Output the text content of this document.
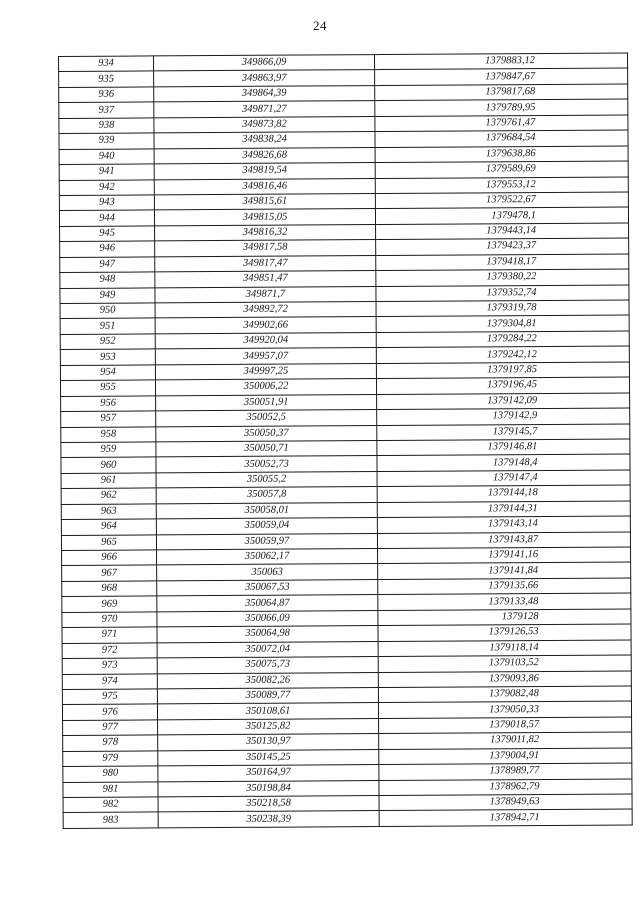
24
934	349866,09	1379883,12
935	349863,97	1379847,67
936	349864,39	1379817,68
937	349871,27	1379789,95
938	349873,82	1379761,47
939	349838,24	1379684,54
940	349826,68	1379638,86
941	349819,54	1379589,69
942	349816,46	1379553,12
943	349815,61	1379522,67
944	349815,05	1379478,1
945	349816,32	1379443,14
946	349817,58	1379423,37
947	349817,47	1379418,17
948	349851,47	1379380,22
949	349871,7	1379352,74
950	349892,72	1379319,78
951	349902,66	1379304,81
952	349920,04	1379284,22
953	349957,07	1379242,12
954	349997,25	1379197,85
955	350006,22	1379196,45
956	350051,91	1379142,09
957	350052,5	1379142,9
958	350050,37	1379145,7
959	350050,71	1379146,81
960	350052,73	1379148,4
961	350055,2	1379147,4
962	350057,8	1379144,18
963	350058,01	1379144,31
964	350059,04	1379143,14
965	350059,97	1379143,87
966	350062,17	1379141,16
967	350063	1379141,84
968	350067,53	1379135,66
969	350064,87	1379133,48
970	350066,09	1379128
971	350064,98	1379126,53
972	350072,04	1379118,14
973	350075,73	1379103,52
974	350082,26	1379093,86
975	350089,77	1379082,48
976	350108,61	1379050,33
977	350125,82	1379018,57
978	350130,97	1379011,82
979	350145,25	1379004,91
980	350164,97	1378989,77
981	350198,84	1378962,79
982	350218,58	1378949,63
983	350238,39	1378942,71
